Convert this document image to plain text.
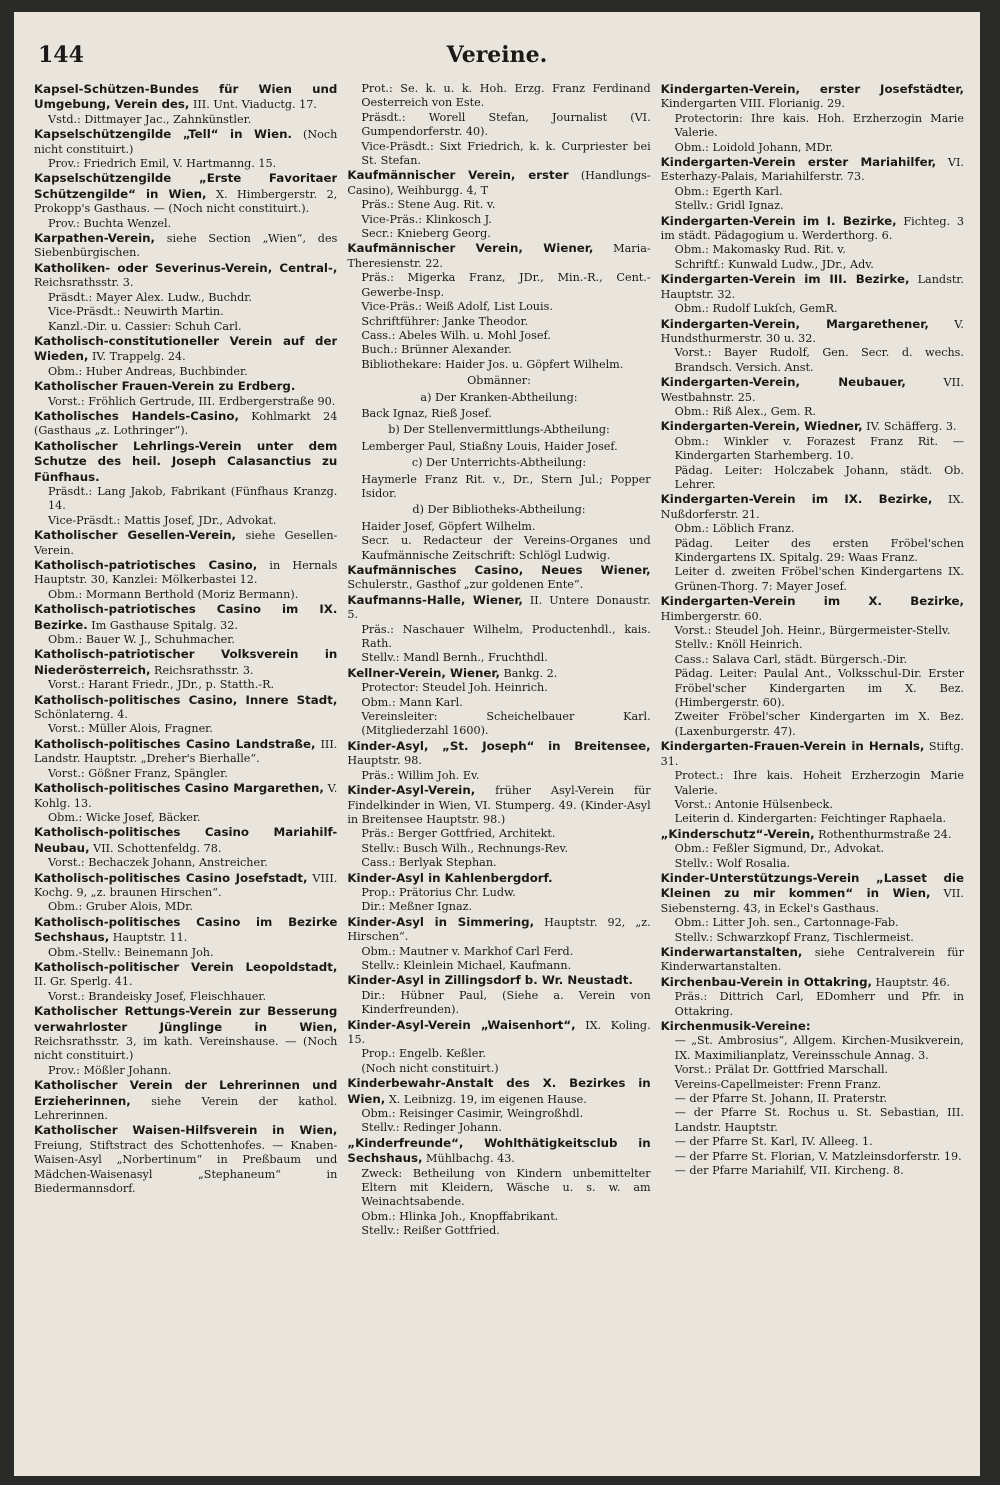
Vereine.
144
Kapsel-Schützen-Bundes für Wien und Umgebung, Verein des, III. Unt. Viaductg. 17.
Vstd.: Dittmayer Jac., Zahnkünstler.
Kapselschützengilde „Tell“ in Wien. (Noch nicht constituirt.)
Prov.: Friedrich Emil, V. Hartmanng. 15.
Kapselschützengilde „Erste Favoritaer Schützengilde“ in Wien, X. Himbergerstr. 2, Prokopp's Gasthaus. — (Noch nicht constituirt.).
Prov.: Buchta Wenzel.
Karpathen-Verein, siehe Section „Wien“, des Siebenbürgischen.
Katholiken- oder Severinus-Verein, Central-, Reichsrathsstr. 3.
Präsdt.: Mayer Alex. Ludw., Buchdr.
Vice-Präsdt.: Neuwirth Martin.
Kanzl.-Dir. u. Cassier: Schuh Carl.
Katholisch-constitutioneller Verein auf der Wieden, IV. Trappelg. 24.
Obm.: Huber Andreas, Buchbinder.
Katholischer Frauen-Verein zu Erdberg.
Vorst.: Fröhlich Gertrude, III. Erdbergerstraße 90.
Katholisches Handels-Casino, Kohlmarkt 24 (Gasthaus „z. Lothringer“).
Katholischer Lehrlings-Verein unter dem Schutze des heil. Joseph Calasanctius zu Fünfhaus.
Präsdt.: Lang Jakob, Fabrikant (Fünfhaus Kranzg. 14.
Vice-Präsdt.: Mattis Josef, JDr., Advokat.
Katholischer Gesellen-Verein, siehe Gesellen-Verein.
Katholisch-patriotisches Casino, in Hernals Hauptstr. 30, Kanzlei: Mölkerbastei 12.
Obm.: Mormann Berthold (Moriz Bermann).
Katholisch-patriotisches Casino im IX. Bezirke. Im Gasthause Spitalg. 32.
Obm.: Bauer W. J., Schuhmacher.
Katholisch-patriotischer Volksverein in Niederösterreich, Reichsrathsstr. 3.
Vorst.: Harant Friedr., JDr., p. Statth.-R.
Katholisch-politisches Casino, Innere Stadt, Schönlaterng. 4.
Vorst.: Müller Alois, Fragner.
Katholisch-politisches Casino Landstraße, III. Landstr. Hauptstr. „Dreher's Bierhalle“.
Vorst.: Gößner Franz, Spängler.
Katholisch-politisches Casino Margarethen, V. Kohlg. 13.
Obm.: Wicke Josef, Bäcker.
Katholisch-politisches Casino Mariahilf-Neubau, VII. Schottenfeldg. 78.
Vorst.: Bechaczek Johann, Anstreicher.
Katholisch-politisches Casino Josefstadt, VIII. Kochg. 9, „z. braunen Hirschen“.
Obm.: Gruber Alois, MDr.
Katholisch-politisches Casino im Bezirke Sechshaus, Hauptstr. 11.
Obm.-Stellv.: Beinemann Joh.
Katholisch-politischer Verein Leopoldstadt, II. Gr. Sperlg. 41.
Vorst.: Brandeisky Josef, Fleischhauer.
Katholischer Rettungs-Verein zur Besserung verwahrloster Jünglinge in Wien, Reichsrathsstr. 3, im kath. Vereinshause. — (Noch nicht constituirt.)
Prov.: Mößler Johann.
Katholischer Verein der Lehrerinnen und Erzieherinnen, siehe Verein der kathol. Lehrerinnen.
Katholischer Waisen-Hilfsverein in Wien, Freiung, Stiftstract des Schottenhofes. — Knaben-Waisen-Asyl „Norbertinum“ in Preßbaum und Mädchen-Waisenasyl „Stephaneum“ in Biedermannsdorf.
Prot.: Se. k. u. k. Hoh. Erzg. Franz Ferdinand Oesterreich von Este.
Präsdt.: Worell Stefan, Journalist (VI. Gumpendorferstr. 40).
Vice-Präsdt.: Sixt Friedrich, k. k. Curpriester bei St. Stefan.
Kaufmännischer Verein, erster (Handlungs-Casino), Weihburgg. 4, T
Präs.: Stene Aug. Rit. v.
Vice-Präs.: Klinkosch J.
Secr.: Knieberg Georg.
Kaufmännischer Verein, Wiener, Maria-Theresienstr. 22.
Präs.: Migerka Franz, JDr., Min.-R., Cent.-Gewerbe-Insp.
Vice-Präs.: Weiß Adolf, List Louis.
Schriftführer: Janke Theodor.
Cass.: Abeles Wilh. u. Mohl Josef.
Buch.: Brünner Alexander.
Bibliothekare: Haider Jos. u. Göpfert Wilhelm.
Obmänner:
a) Der Kranken-Abtheilung:
Back Ignaz, Rieß Josef.
b) Der Stellenvermittlungs-Abtheilung:
Lemberger Paul, Stiaßny Louis, Haider Josef.
c) Der Unterrichts-Abtheilung:
Haymerle Franz Rit. v., Dr., Stern Jul.; Popper Isidor.
d) Der Bibliotheks-Abtheilung:
Haider Josef, Göpfert Wilhelm.
Secr. u. Redacteur der Vereins-Organes und Kaufmännische Zeitschrift: Schlögl Ludwig.
Kaufmännisches Casino, Neues Wiener, Schulerstr., Gasthof „zur goldenen Ente“.
Kaufmanns-Halle, Wiener, II. Untere Donaustr. 5.
Präs.: Naschauer Wilhelm, Productenhdl., kais. Rath.
Stellv.: Mandl Bernh., Fruchthdl.
Kellner-Verein, Wiener, Bankg. 2.
Protector: Steudel Joh. Heinrich.
Obm.: Mann Karl.
Vereinsleiter: Scheichelbauer Karl. (Mitgliederzahl 1600).
Kinder-Asyl, „St. Joseph“ in Breitensee, Hauptstr. 98.
Präs.: Willim Joh. Ev.
Kinder-Asyl-Verein, früher Asyl-Verein für Findelkinder in Wien, VI. Stumperg. 49. (Kinder-Asyl in Breitensee Hauptstr. 98.)
Präs.: Berger Gottfried, Architekt.
Stellv.: Busch Wilh., Rechnungs-Rev.
Cass.: Berlyak Stephan.
Kinder-Asyl in Kahlenbergdorf.
Prop.: Prätorius Chr. Ludw.
Dir.: Meßner Ignaz.
Kinder-Asyl in Simmering, Hauptstr. 92, „z. Hirschen“.
Obm.: Mautner v. Markhof Carl Ferd.
Stellv.: Kleinlein Michael, Kaufmann.
Kinder-Asyl in Zillingsdorf b. Wr. Neustadt.
Dir.: Hübner Paul, (Siehe a. Verein von Kinderfreunden).
Kinder-Asyl-Verein „Waisenhort“, IX. Koling. 15.
Prop.: Engelb. Keßler.
(Noch nicht constituirt.)
Kinderbewahr-Anstalt des X. Bezirkes in Wien, X. Leibnizg. 19, im eigenen Hause.
Obm.: Reisinger Casimir, Weingroßhdl.
Stellv.: Redinger Johann.
„Kinderfreunde“, Wohlthätigkeitsclub in Sechshaus, Mühlbachg. 43.
Zweck: Betheilung von Kindern unbemittelter Eltern mit Kleidern, Wäsche u. s. w. am Weinachtsabende.
Obm.: Hlinka Joh., Knopffabrikant.
Stellv.: Reißer Gottfried.
Kindergarten-Verein, erster Josefstädter, Kindergarten VIII. Florianig. 29.
Protectorin: Ihre kais. Hoh. Erzherzogin Marie Valerie.
Obm.: Loidold Johann, MDr.
Kindergarten-Verein erster Mariahilfer, VI. Esterhazy-Palais, Mariahilferstr. 73.
Obm.: Egerth Karl.
Stellv.: Gridl Ignaz.
Kindergarten-Verein im I. Bezirke, Fichteg. 3 im städt. Pädagogium u. Werderthorg. 6.
Obm.: Makomasky Rud. Rit. v.
Schriftf.: Kunwald Ludw., JDr., Adv.
Kindergarten-Verein im III. Bezirke, Landstr. Hauptstr. 32.
Obm.: Rudolf Lukſch, GemR.
Kindergarten-Verein, Margarethener, V. Hundsthurmerstr. 30 u. 32.
Vorst.: Bayer Rudolf, Gen. Secr. d. wechs. Brandsch. Versich. Anst.
Kindergarten-Verein, Neubauer, VII. Westbahnstr. 25.
Obm.: Riß Alex., Gem. R.
Kindergarten-Verein, Wiedner, IV. Schäfferg. 3.
Obm.: Winkler v. Forazest Franz Rit. — Kindergarten Starhemberg. 10.
Pädag. Leiter: Holczabek Johann, städt. Ob. Lehrer.
Kindergarten-Verein im IX. Bezirke, IX. Nußdorferstr. 21.
Obm.: Löblich Franz.
Pädag. Leiter des ersten Fröbel'schen Kindergartens IX. Spitalg. 29: Waas Franz.
Leiter d. zweiten Fröbel'schen Kindergartens IX. Grünen-Thorg. 7: Mayer Josef.
Kindergarten-Verein im X. Bezirke, Himbergerstr. 60.
Vorst.: Steudel Joh. Heinr., Bürgermeister-Stellv.
Stellv.: Knöll Heinrich.
Cass.: Salava Carl, städt. Bürgersch.-Dir.
Pädag. Leiter: Paulal Ant., Volksschul-Dir. Erster Fröbel'scher Kindergarten im X. Bez. (Himbergerstr. 60).
Zweiter Fröbel'scher Kindergarten im X. Bez. (Laxenburgerstr. 47).
Kindergarten-Frauen-Verein in Hernals, Stiftg. 31.
Protect.: Ihre kais. Hoheit Erzherzogin Marie Valerie.
Vorst.: Antonie Hülsenbeck.
Leiterin d. Kindergarten: Feichtinger Raphaela.
„Kinderschutz“-Verein, Rothenthurmstraße 24.
Obm.: Feßler Sigmund, Dr., Advokat.
Stellv.: Wolf Rosalia.
Kinder-Unterstützungs-Verein „Lasset die Kleinen zu mir kommen“ in Wien, VII. Siebensterng. 43, in Eckel's Gasthaus.
Obm.: Litter Joh. sen., Cartonnage-Fab.
Stellv.: Schwarzkopf Franz, Tischlermeist.
Kinderwartanstalten, siehe Centralverein für Kinderwartanstalten.
Kirchenbau-Verein in Ottakring, Hauptstr. 46.
Präs.: Dittrich Carl, EDomherr und Pfr. in Ottakring.
Kirchenmusik-Vereine:
— „St. Ambrosius“, Allgem. Kirchen-Musikverein, IX. Maximilianplatz, Vereinsschule Annag. 3.
Vorst.: Prälat Dr. Gottfried Marschall.
Vereins-Capellmeister: Frenn Franz.
— der Pfarre St. Johann, II. Praterstr.
— der Pfarre St. Rochus u. St. Sebastian, III. Landstr. Hauptstr.
— der Pfarre St. Karl, IV. Alleeg. 1.
— der Pfarre St. Florian, V. Matzleinsdorferstr. 19.
— der Pfarre Mariahilf, VII. Kircheng. 8.
